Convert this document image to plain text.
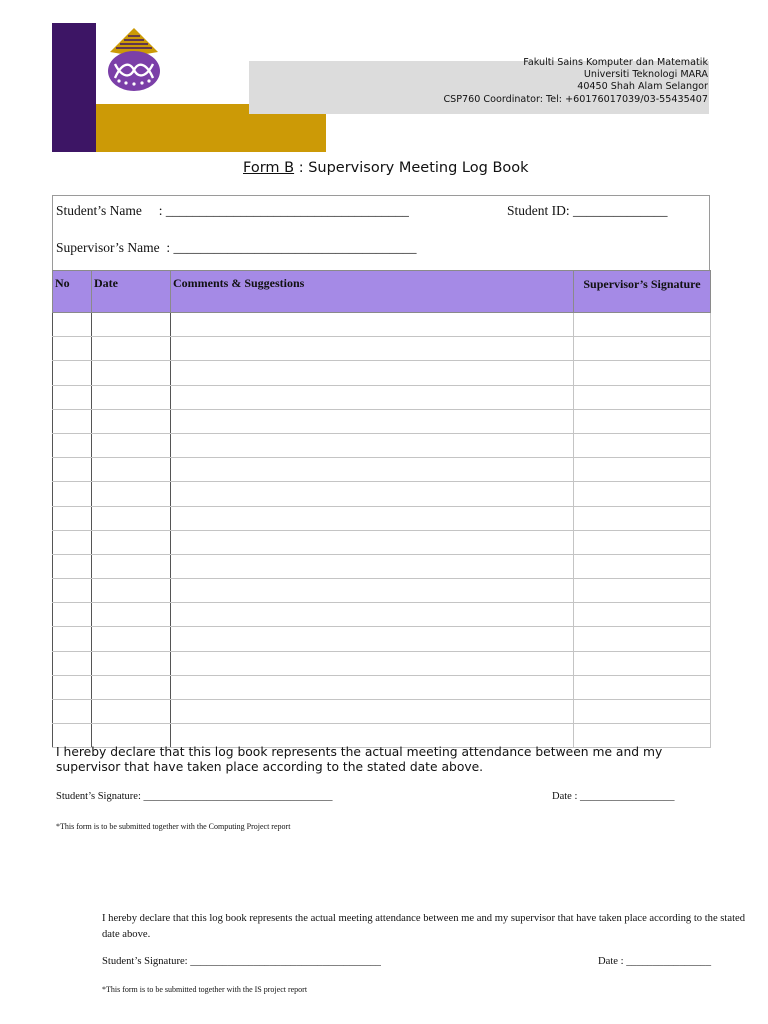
Fakulti Sains Komputer dan Matematik
Universiti Teknologi MARA
40450 Shah Alam Selangor
CSP760 Coordinator: Tel: +60176017039/03-55435407
Form B : Supervisory Meeting Log Book
Student’s Name     : ____________________________________	Student ID: ______________
Supervisor’s Name  : ____________________________________
No	Date	Comments & Suggestions	Supervisor’s Signature

I hereby declare that this log book represents the actual meeting attendance between me and my supervisor that have taken place according to the stated date above.
Student’s Signature: ____________________________________	Date : __________________
*This form is to be submitted together with the Computing Project report
I hereby declare that this log book represents the actual meeting attendance between me and my supervisor that have taken place according to the stated date above.
Student’s Signature: ____________________________________	Date : ________________
*This form is to be submitted together with the IS project report
